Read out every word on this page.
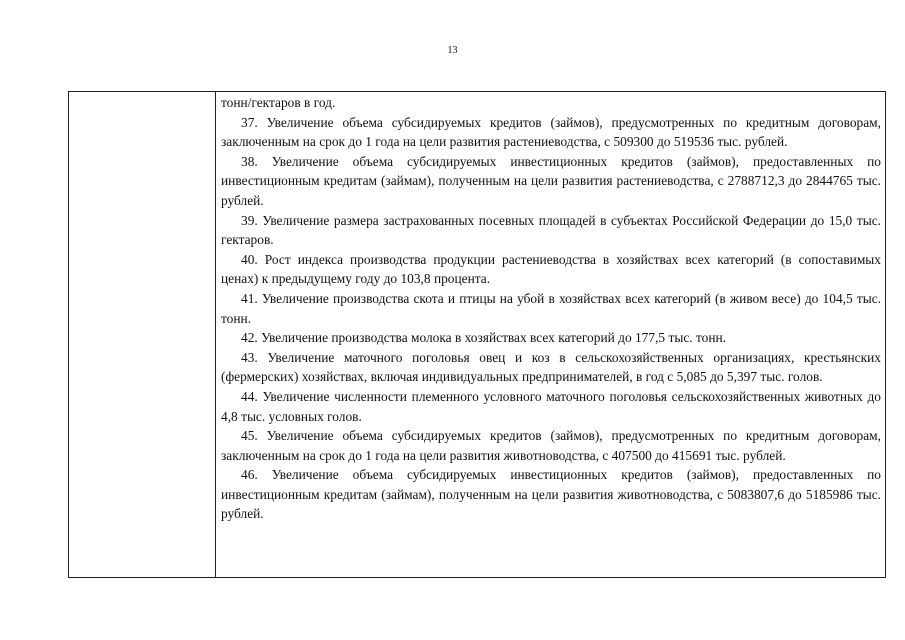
13

тонн/гектаров в год.

37. Увеличение объема субсидируемых кредитов (займов), предусмотренных по кредитным договорам, заключенным на срок до 1 года на цели развития растениеводства, с 509300 до 519536 тыс. рублей.

38. Увеличение объема субсидируемых инвестиционных кредитов (займов), предоставленных по инвестиционным кредитам (займам), полученным на цели развития растениеводства, с 2788712,3 до 2844765 тыс. рублей.

39. Увеличение размера застрахованных посевных площадей в субъектах Российской Федерации до 15,0 тыс. гектаров.

40. Рост индекса производства продукции растениеводства в хозяйствах всех категорий (в сопоставимых ценах) к предыдущему году до 103,8 процента.

41. Увеличение производства скота и птицы на убой в хозяйствах всех категорий (в живом весе) до 104,5 тыс. тонн.

42. Увеличение производства молока в хозяйствах всех категорий до 177,5 тыс. тонн.

43. Увеличение маточного поголовья овец и коз в сельскохозяйственных организациях, крестьянских (фермерских) хозяйствах, включая индивидуальных предпринимателей, в год с 5,085 до 5,397 тыс. голов.

44. Увеличение численности племенного условного маточного поголовья сельскохозяйственных животных до 4,8 тыс. условных голов.

45. Увеличение объема субсидируемых кредитов (займов), предусмотренных по кредитным договорам, заключенным на срок до 1 года на цели развития животноводства, с 407500 до 415691 тыс. рублей.

46. Увеличение объема субсидируемых инвестиционных кредитов (займов), предоставленных по инвестиционным кредитам (займам), полученным на цели развития животноводства, с 5083807,6 до 5185986 тыс. рублей.
